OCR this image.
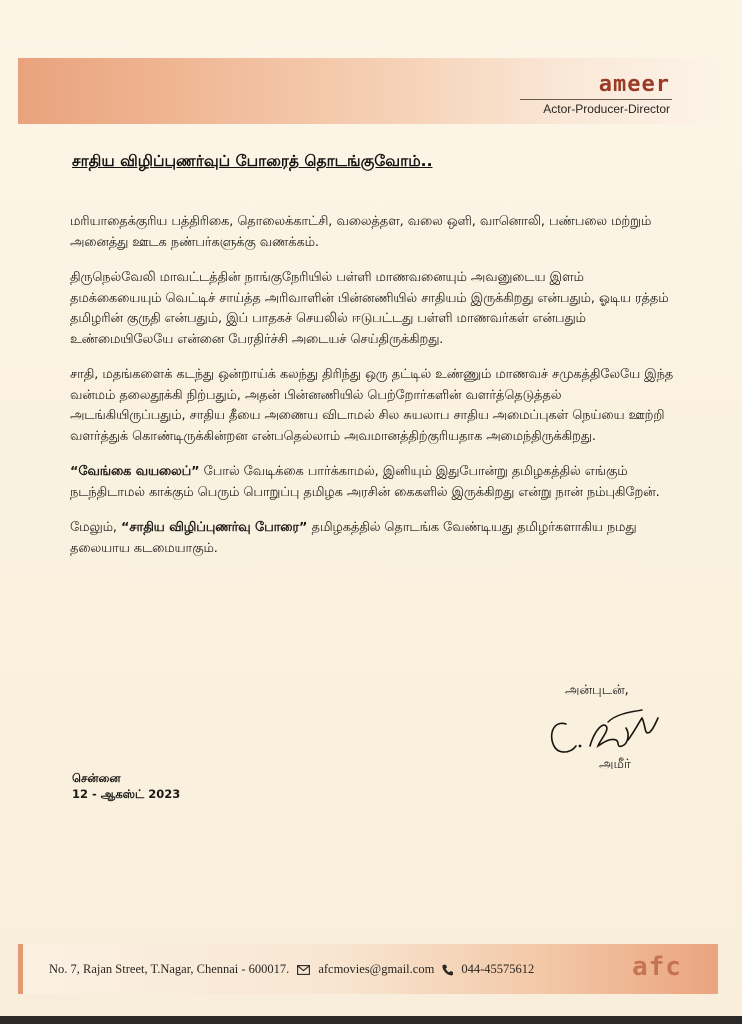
ameer
Actor-Producer-Director
சாதிய விழிப்புணர்வுப் போரைத் தொடங்குவோம்..

மரியாதைக்குரிய பத்திரிகை, தொலைக்காட்சி, வலைத்தள, வலை ஒளி, வானொலி, பண்பலை மற்றும் அனைத்து ஊடக நண்பர்களுக்கு வணக்கம்.

திருநெல்வேலி மாவட்டத்தின் நாங்குநேரியில் பள்ளி மாணவனையும் அவனுடைய இளம் தமக்கையையும் வெட்டிச் சாய்த்த அரிவாளின் பின்னணியில் சாதியம் இருக்கிறது என்பதும், ஓடிய ரத்தம் தமிழரின் குருதி என்பதும், இப் பாதகச் செயலில் ஈடுபட்டது பள்ளி மாணவர்கள் என்பதும் உண்மையிலேயே என்னை பேரதிர்ச்சி அடையச் செய்திருக்கிறது.

சாதி, மதங்களைக் கடந்து ஒன்றாய்க் கலந்து திரிந்து ஒரு தட்டில் உண்ணும் மாணவச் சமுகத்திலேயே இந்த வன்மம் தலைதூக்கி நிற்பதும், அதன் பின்னணியில் பெற்றோர்களின் வளர்த்தெடுத்தல் அடங்கியிருப்பதும், சாதிய தீயை அணைய விடாமல் சில சுயலாப சாதிய அமைப்புகள் நெய்யை ஊற்றி வளர்த்துக் கொண்டிருக்கின்றன என்பதெல்லாம் அவமானத்திற்குரியதாக அமைந்திருக்கிறது.

“வேங்கை வயலைப்” போல் வேடிக்கை பார்க்காமல், இனியும் இதுபோன்று தமிழகத்தில் எங்கும் நடந்திடாமல் காக்கும் பெரும் பொறுப்பு தமிழக அரசின் கைகளில் இருக்கிறது என்று நான் நம்புகிறேன்.

மேலும், “சாதிய விழிப்புணர்வு போரை” தமிழகத்தில் தொடங்க வேண்டியது தமிழர்களாகிய நமது தலையாய கடமையாகும்.

அன்புடன்,
அமீர்
சென்னை
12 - ஆகஸ்ட் 2023
No. 7, Rajan Street, T.Nagar, Chennai - 600017. afcmovies@gmail.com 044-45575612	afc
